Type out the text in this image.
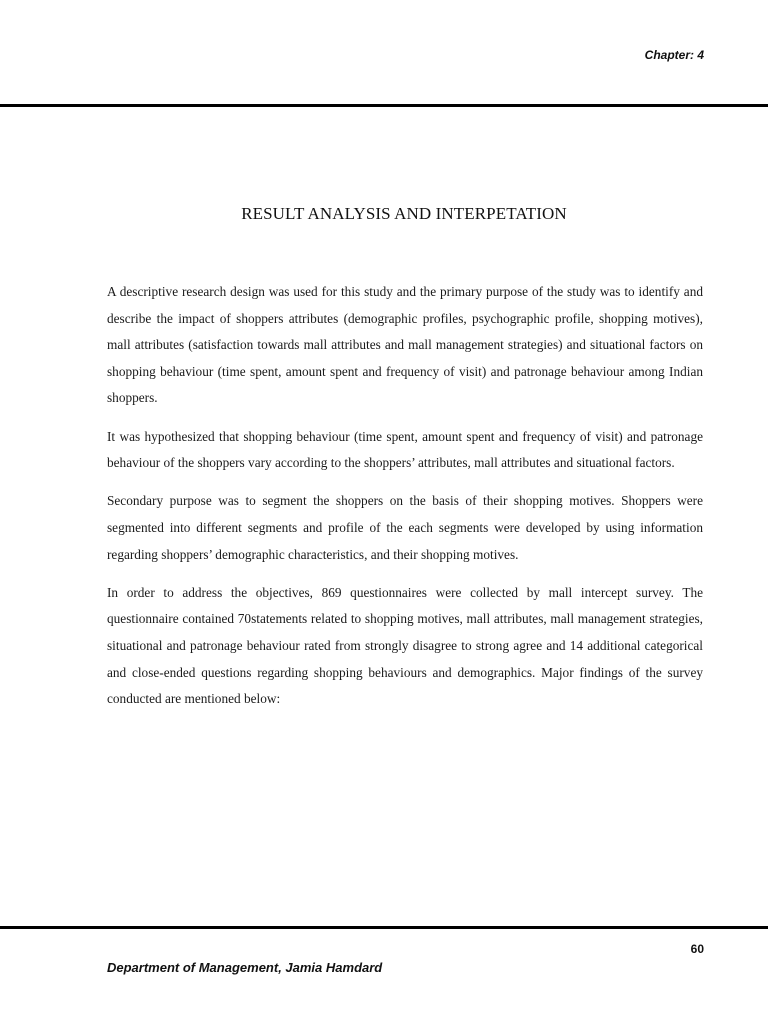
Chapter: 4
RESULT ANALYSIS AND INTERPETATION

A descriptive research design was used for this study and the primary purpose of the study was to identify and describe the impact of shoppers attributes (demographic profiles, psychographic profile, shopping motives), mall attributes (satisfaction towards mall attributes and mall management strategies) and situational factors on shopping behaviour (time spent, amount spent and frequency of visit) and patronage behaviour among Indian shoppers.

It was hypothesized that shopping behaviour (time spent, amount spent and frequency of visit) and patronage behaviour of the shoppers vary according to the shoppers’ attributes, mall attributes and situational factors.

Secondary purpose was to segment the shoppers on the basis of their shopping motives. Shoppers were segmented into different segments and profile of the each segments were developed by using information regarding shoppers’ demographic characteristics, and their shopping motives.

In order to address the objectives, 869 questionnaires were collected by mall intercept survey. The questionnaire contained 70statements related to shopping motives, mall attributes, mall management strategies, situational and patronage behaviour rated from strongly disagree to strong agree and 14 additional categorical and close-ended questions regarding shopping behaviours and demographics. Major findings of the survey conducted are mentioned below:

60
Department of Management, Jamia Hamdard
